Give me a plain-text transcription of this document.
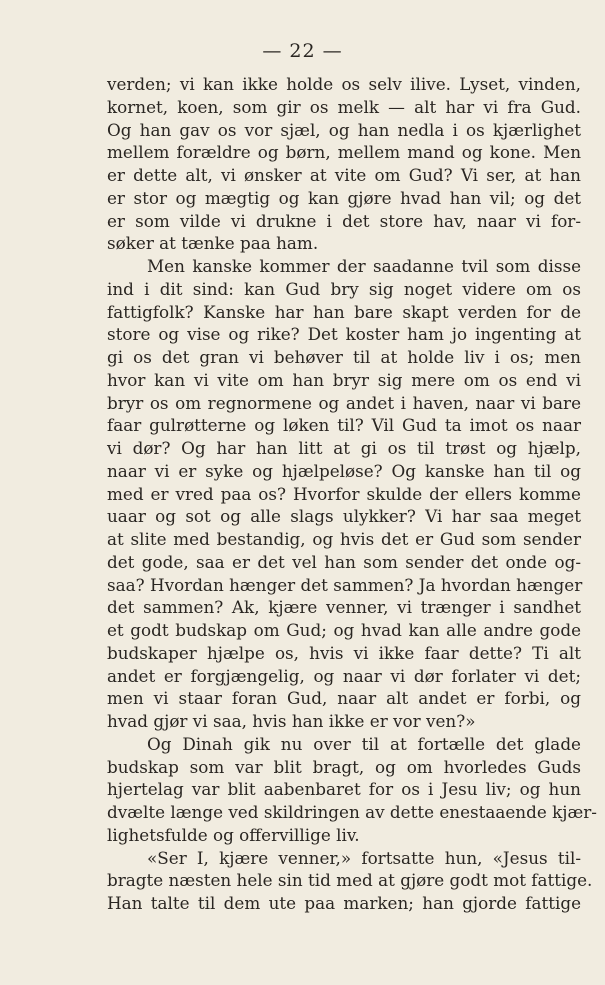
— 22 —
verden; vi kan ikke holde os selv ilive. Lyset, vinden,
kornet, koen, som gir os melk — alt har vi fra Gud.
Og han gav os vor sjæl, og han nedla i os kjærlighet
mellem forældre og børn, mellem mand og kone. Men
er dette alt, vi ønsker at vite om Gud? Vi ser, at han
er stor og mægtig og kan gjøre hvad han vil; og det
er som vilde vi drukne i det store hav, naar vi for-
søker at tænke paa ham.
Men kanske kommer der saadanne tvil som disse
ind i dit sind: kan Gud bry sig noget videre om os
fattigfolk? Kanske har han bare skapt verden for de
store og vise og rike? Det koster ham jo ingenting at
gi os det gran vi behøver til at holde liv i os; men
hvor kan vi vite om han bryr sig mere om os end vi
bryr os om regnormene og andet i haven, naar vi bare
faar gulrøtterne og løken til? Vil Gud ta imot os naar
vi dør? Og har han litt at gi os til trøst og hjælp,
naar vi er syke og hjælpeløse? Og kanske han til og
med er vred paa os? Hvorfor skulde der ellers komme
uaar og sot og alle slags ulykker? Vi har saa meget
at slite med bestandig, og hvis det er Gud som sender
det gode, saa er det vel han som sender det onde og-
saa? Hvordan hænger det sammen? Ja hvordan hænger
det sammen? Ak, kjære venner, vi trænger i sandhet
et godt budskap om Gud; og hvad kan alle andre gode
budskaper hjælpe os, hvis vi ikke faar dette? Ti alt
andet er forgjængelig, og naar vi dør forlater vi det;
men vi staar foran Gud, naar alt andet er forbi, og
hvad gjør vi saa, hvis han ikke er vor ven?»
Og Dinah gik nu over til at fortælle det glade
budskap som var blit bragt, og om hvorledes Guds
hjertelag var blit aabenbaret for os i Jesu liv; og hun
dvælte længe ved skildringen av dette enestaaende kjær-
lighetsfulde og offervillige liv.
«Ser I, kjære venner,» fortsatte hun, «Jesus til-
bragte næsten hele sin tid med at gjøre godt mot fattige.
Han talte til dem ute paa marken; han gjorde fattige
